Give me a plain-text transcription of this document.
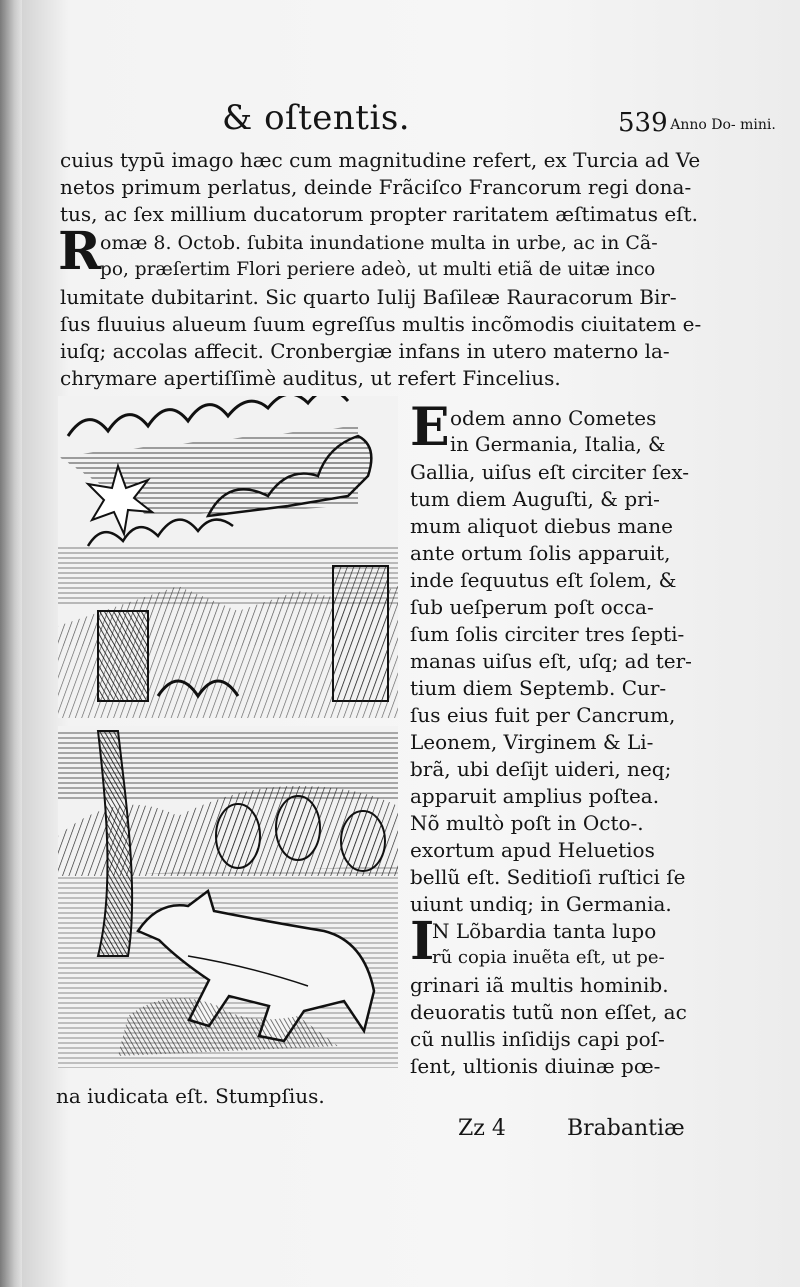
& oſtentis.	539 Anno Do- mini.
cuius typū imago hæc cum magnitudine refert, ex Turcia ad Ve
netos primum perlatus, deinde Frãciſco Francorum regi dona-
tus, ac ſex millium ducatorum propter raritatem æſtimatus eſt.
R
omæ 8. Octob. ſubita inundatione multa in urbe, ac in Cã-
po, præſertim Flori periere adeò, ut multi etiã de uitæ inco
lumitate dubitarint. Sic quarto Iulij Baſileæ Rauracorum Bir-
ſus fluuius alueum ſuum egreſſus multis incõmodis ciuitatem e-
iuſq; accolas affecit. Cronbergiæ infans in utero materno la-
chrymare apertiſſimè auditus, ut refert Fincelius.
E odem anno Cometes
in Germania, Italia, &
Gallia, uiſus eſt circiter ſex-
tum diem Auguſti, & pri-
mum aliquot diebus mane
ante ortum ſolis apparuit,
inde ſequutus eſt ſolem, &
ſub ueſperum poſt occa-
ſum ſolis circiter tres ſepti-
manas uiſus eſt, uſq; ad ter-
tium diem Septemb. Cur-
ſus eius fuit per Cancrum,
Leonem, Virginem & Li-
brã, ubi deſijt uideri, neq;
apparuit amplius poſtea.
Nõ multò poſt in Octo-.
exortum apud Heluetios
bellũ eſt. Seditioſi ruſtici ſe
uiunt undiq; in Germania.
I
N Lõbardia tanta lupo
rũ copia inuẽta eſt, ut pe-
grinari iã multis hominib.
deuoratis tutũ non eſſet, ac
cũ nullis inſidijs capi poſ-
ſent, ultionis diuinæ pœ-
na iudicata eſt. Stumpſius.
Zz 4	Brabantiæ
